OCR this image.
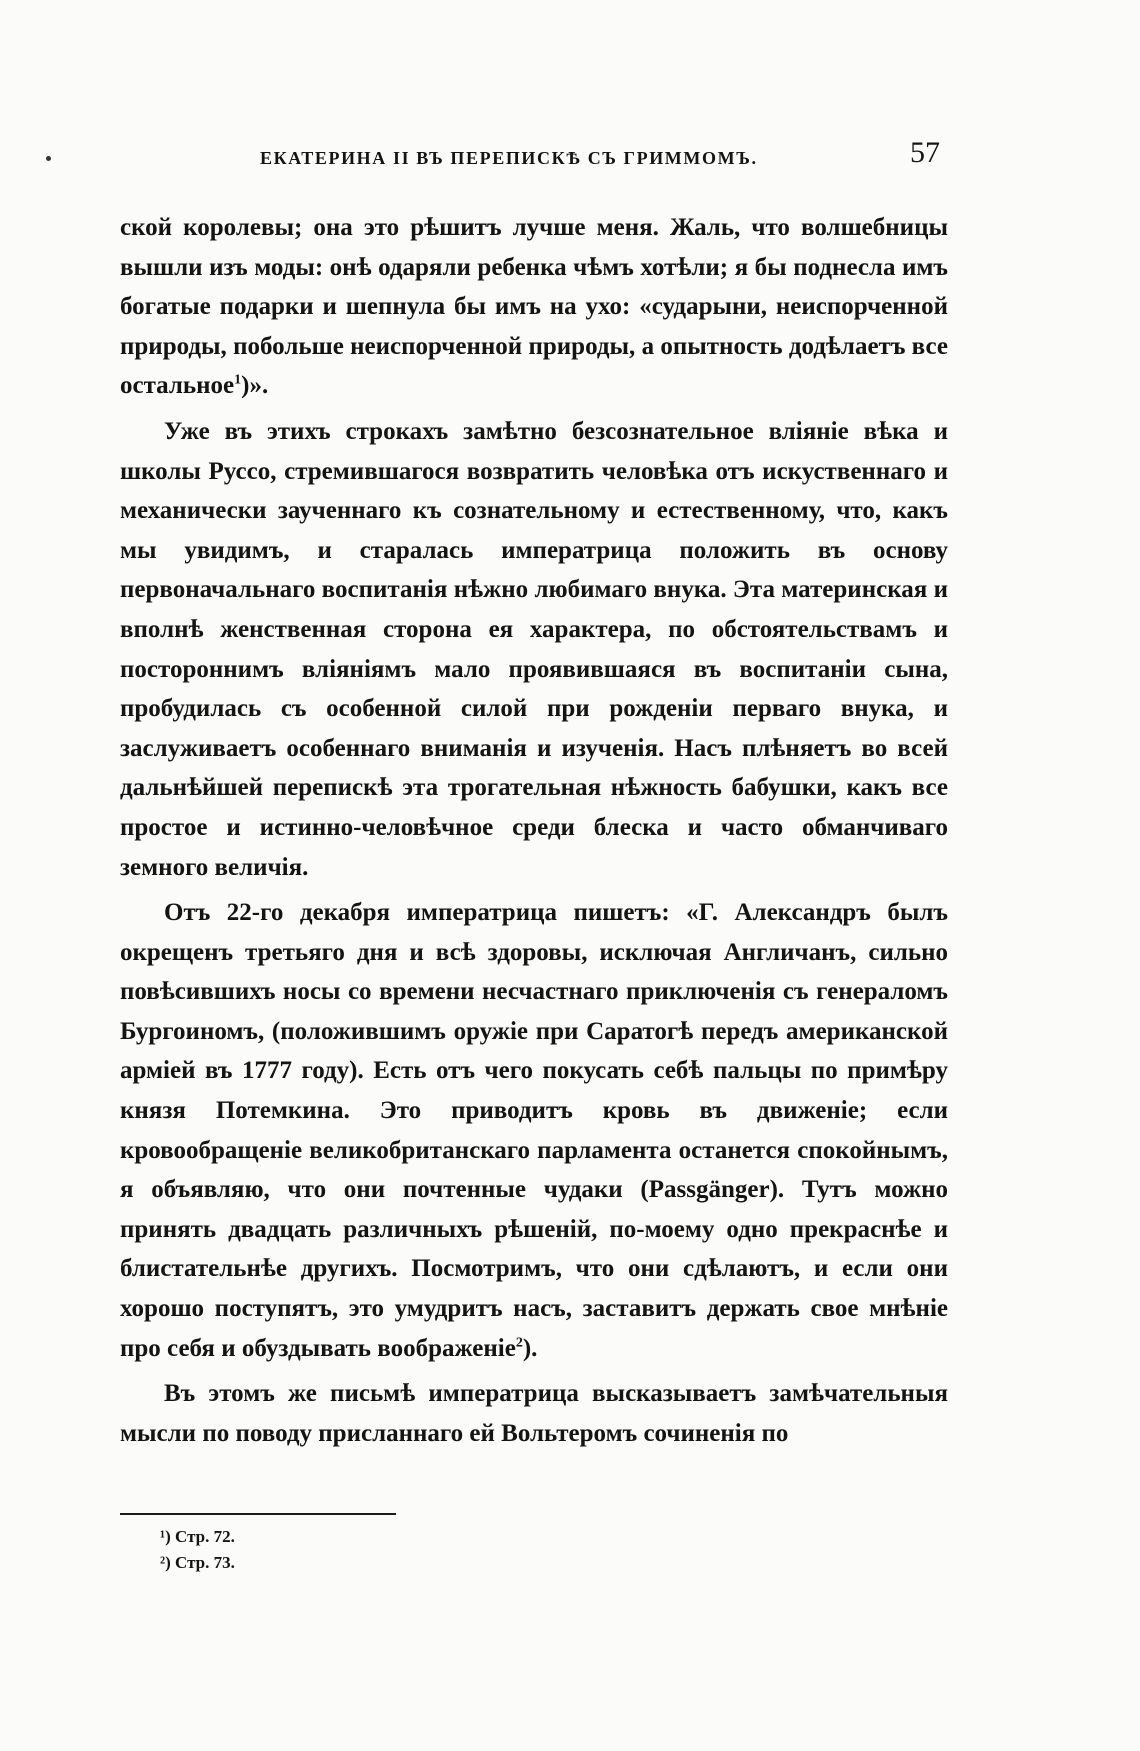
ЕКАТЕРИНА II ВЪ ПЕРЕПИСКѢ СЪ ГРИММОМЪ.	57

ской королевы; она это рѣшитъ лучше меня. Жаль, что волшебницы вышли изъ моды: онѣ одаряли ребенка чѣмъ хотѣли; я бы поднесла имъ богатые подарки и шепнула бы имъ на ухо: «сударыни, неиспорченной природы, побольше неиспорченной природы, а опытность додѣлаетъ все остальное$^1$)».

Уже въ этихъ строкахъ замѣтно безсознательное вліяніе вѣка и школы Руссо, стремившагося возвратить человѣка отъ искуственнаго и механически заученнаго къ сознательному и естественному, что, какъ мы увидимъ, и старалась императрица положить въ основу первоначальнаго воспитанія нѣжно любимаго внука. Эта материнская и вполнѣ женственная сторона ея характера, по обстоятельствамъ и постороннимъ вліяніямъ мало проявившаяся въ воспитаніи сына, пробудилась съ особенной силой при рожденіи перваго внука, и заслуживаетъ особеннаго вниманія и изученія. Насъ плѣняетъ во всей дальнѣйшей перепискѣ эта трогательная нѣжность бабушки, какъ все простое и истинно-человѣчное среди блеска и часто обманчиваго земного величія.

Отъ 22-го декабря императрица пишетъ: «Г. Александръ былъ окрещенъ третьяго дня и всѣ здоровы, исключая Англичанъ, сильно повѣсившихъ носы со времени несчастнаго приключенія съ генераломъ Бургоиномъ, (положившимъ оружіе при Саратогѣ передъ американской арміей въ 1777 году). Есть отъ чего покусать себѣ пальцы по примѣру князя Потемкина. Это приводитъ кровь въ движеніе; если кровообращеніе великобританскаго парламента останется спокойнымъ, я объявляю, что они почтенные чудаки (Passgänger). Тутъ можно принять двадцать различныхъ рѣшеній, по-моему одно прекраснѣе и блистательнѣе другихъ. Посмотримъ, что они сдѣлаютъ, и если они хорошо поступятъ, это умудритъ насъ, заставитъ держать свое мнѣніе про себя и обуздывать воображеніе$^2$).

Въ этомъ же письмѣ императрица высказываетъ замѣчательныя мысли по поводу присланнаго ей Вольтеромъ сочиненія по

¹) Стр. 72.
²) Стр. 73.
